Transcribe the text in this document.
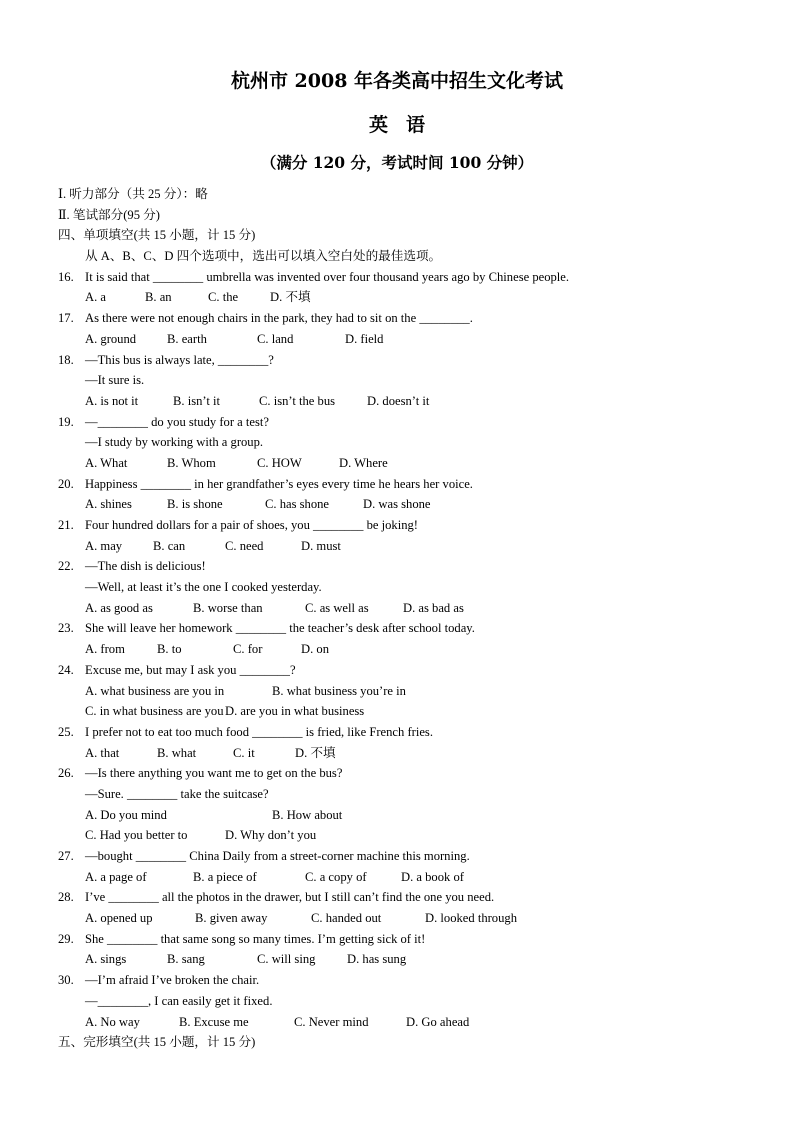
杭州市 2008 年各类高中招生文化考试
英语
（满分 120 分，考试时间 100 分钟）
Ⅰ. 听力部分（共 25 分）：略
Ⅱ. 笔试部分(95 分)
四、单项填空(共 15 小题，计 15 分)
从 A、B、C、D 四个选项中，选出可以填入空白处的最佳选项。
16. It is said that ________ umbrella was invented over four thousand years ago by Chinese people.
A. a	B. an	C. the	D. 不填
17. As there were not enough chairs in the park, they had to sit on the ________.
A. ground	B. earth	C. land	D. field
18. —This bus is always late, ________?
—It sure is.
A. is not it	B. isn’t it	C. isn’t the bus	D. doesn’t it
19. —________ do you study for a test?
—I study by working with a group.
A. What	B. Whom	C. HOW	D. Where
20. Happiness ________ in her grandfather’s eyes every time he hears her voice.
A. shines	B. is shone	C. has shone	D. was shone
21. Four hundred dollars for a pair of shoes, you ________ be joking!
A. may	B. can	C. need	D. must
22. —The dish is delicious!
—Well, at least it’s the one I cooked yesterday.
A. as good as	B. worse than	C. as well as	D. as bad as
23. She will leave her homework ________ the teacher’s desk after school today.
A. from	B. to	C. for	D. on
24. Excuse me, but may I ask you ________?
A. what business are you in	B. what business you’re in
C. in what business are you D. are you in what business
25. I prefer not to eat too much food ________ is fried, like French fries.
A. that	B. what	C. it	D. 不填
26. —Is there anything you want me to get on the bus?
—Sure. ________ take the suitcase?
A. Do you mind	B. How about
C. Had you better to	D. Why don’t you
27. —bought ________ China Daily from a street-corner machine this morning.
A. a page of	B. a piece of	C. a copy of	D. a book of
28. I’ve ________ all the photos in the drawer, but I still can’t find the one you need.
A. opened up	B. given away	C. handed out	D. looked through
29. She ________ that same song so many times. I’m getting sick of it!
A. sings	B. sang	C. will sing	D. has sung
30. —I’m afraid I’ve broken the chair.
—________, I can easily get it fixed.
A. No way	B. Excuse me	C. Never mind	D. Go ahead
五、完形填空(共 15 小题，计 15 分)
